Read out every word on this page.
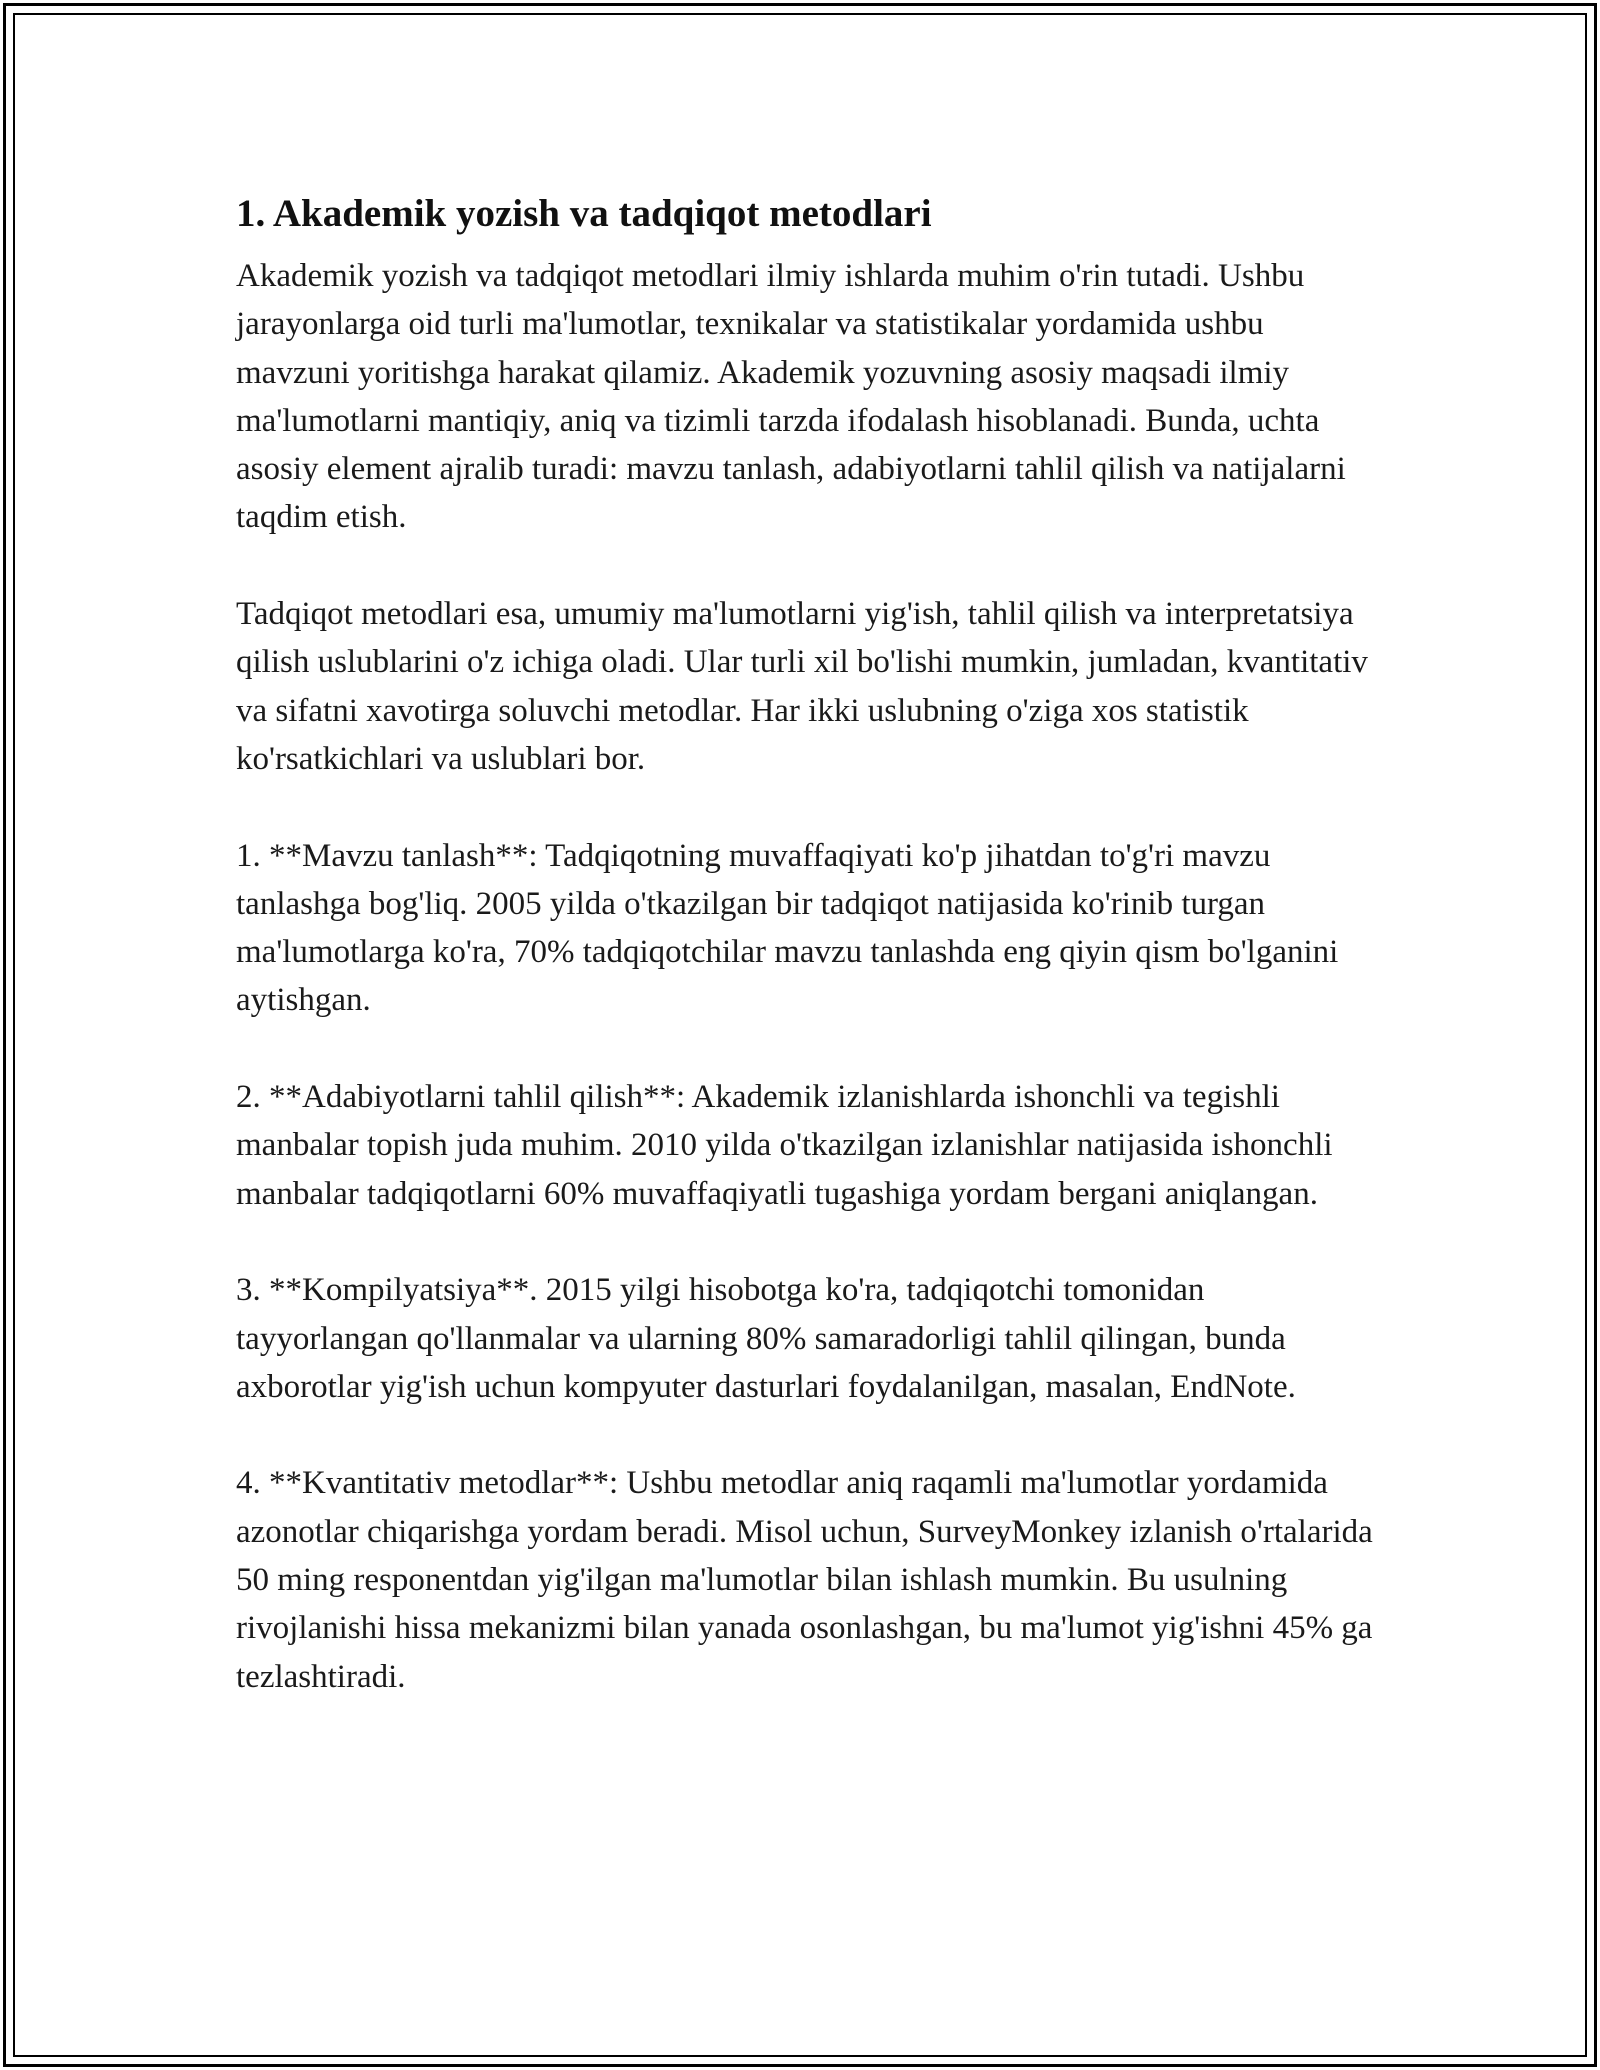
1. Akademik yozish va tadqiqot metodlari

Akademik yozish va tadqiqot metodlari ilmiy ishlarda muhim o'rin tutadi. Ushbu jarayonlarga oid turli ma'lumotlar, texnikalar va statistikalar yordamida ushbu mavzuni yoritishga harakat qilamiz. Akademik yozuvning asosiy maqsadi ilmiy ma'lumotlarni mantiqiy, aniq va tizimli tarzda ifodalash hisoblanadi. Bunda, uchta asosiy element ajralib turadi: mavzu tanlash, adabiyotlarni tahlil qilish va natijalarni taqdim etish.

Tadqiqot metodlari esa, umumiy ma'lumotlarni yig'ish, tahlil qilish va interpretatsiya qilish uslublarini o'z ichiga oladi. Ular turli xil bo'lishi mumkin, jumladan, kvantitativ va sifatni xavotirga soluvchi metodlar. Har ikki uslubning o'ziga xos statistik ko'rsatkichlari va uslublari bor.

1. **Mavzu tanlash**: Tadqiqotning muvaffaqiyati ko'p jihatdan to'g'ri mavzu tanlashga bog'liq. 2005 yilda o'tkazilgan bir tadqiqot natijasida ko'rinib turgan ma'lumotlarga ko'ra, 70% tadqiqotchilar mavzu tanlashda eng qiyin qism bo'lganini aytishgan.

2. **Adabiyotlarni tahlil qilish**: Akademik izlanishlarda ishonchli va tegishli manbalar topish juda muhim. 2010 yilda o'tkazilgan izlanishlar natijasida ishonchli manbalar tadqiqotlarni 60% muvaffaqiyatli tugashiga yordam bergani aniqlangan.

3. **Kompilyatsiya**. 2015 yilgi hisobotga ko'ra, tadqiqotchi tomonidan tayyorlangan qo'llanmalar va ularning 80% samaradorligi tahlil qilingan, bunda axborotlar yig'ish uchun kompyuter dasturlari foydalanilgan, masalan, EndNote.

4. **Kvantitativ metodlar**: Ushbu metodlar aniq raqamli ma'lumotlar yordamida azonotlar chiqarishga yordam beradi. Misol uchun, SurveyMonkey izlanish o'rtalarida 50 ming responentdan yig'ilgan ma'lumotlar bilan ishlash mumkin. Bu usulning rivojlanishi hissa mekanizmi bilan yanada osonlashgan, bu ma'lumot yig'ishni 45% ga tezlashtiradi.
